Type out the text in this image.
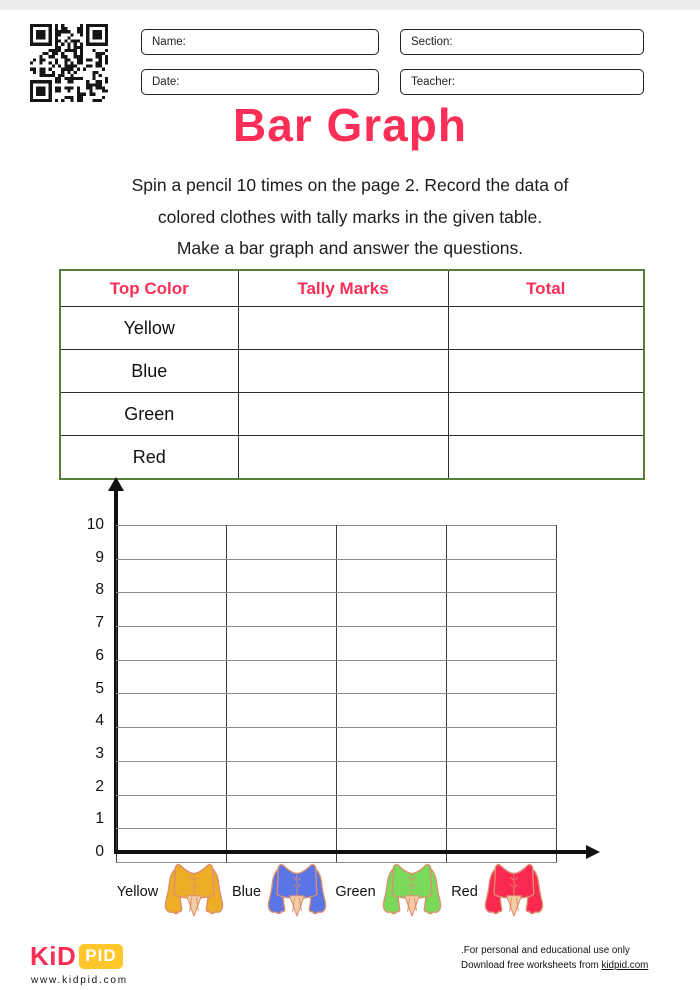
Name:	Section:
Date:	Teacher:
Bar Graph
Spin a pencil 10 times on the page 2. Record the data of
colored clothes with tally marks in the given table.
Make a bar graph and answer the questions.
Top Color	Tally Marks	Total
Yellow		
Blue		
Green		
Red		
0
1
2
3
4
5
6
7
8
9
10

Yellow	Blue	Green	Red
KiD PID
www.kidpid.com
.For personal and educational use only
Download free worksheets from kidpid.com
